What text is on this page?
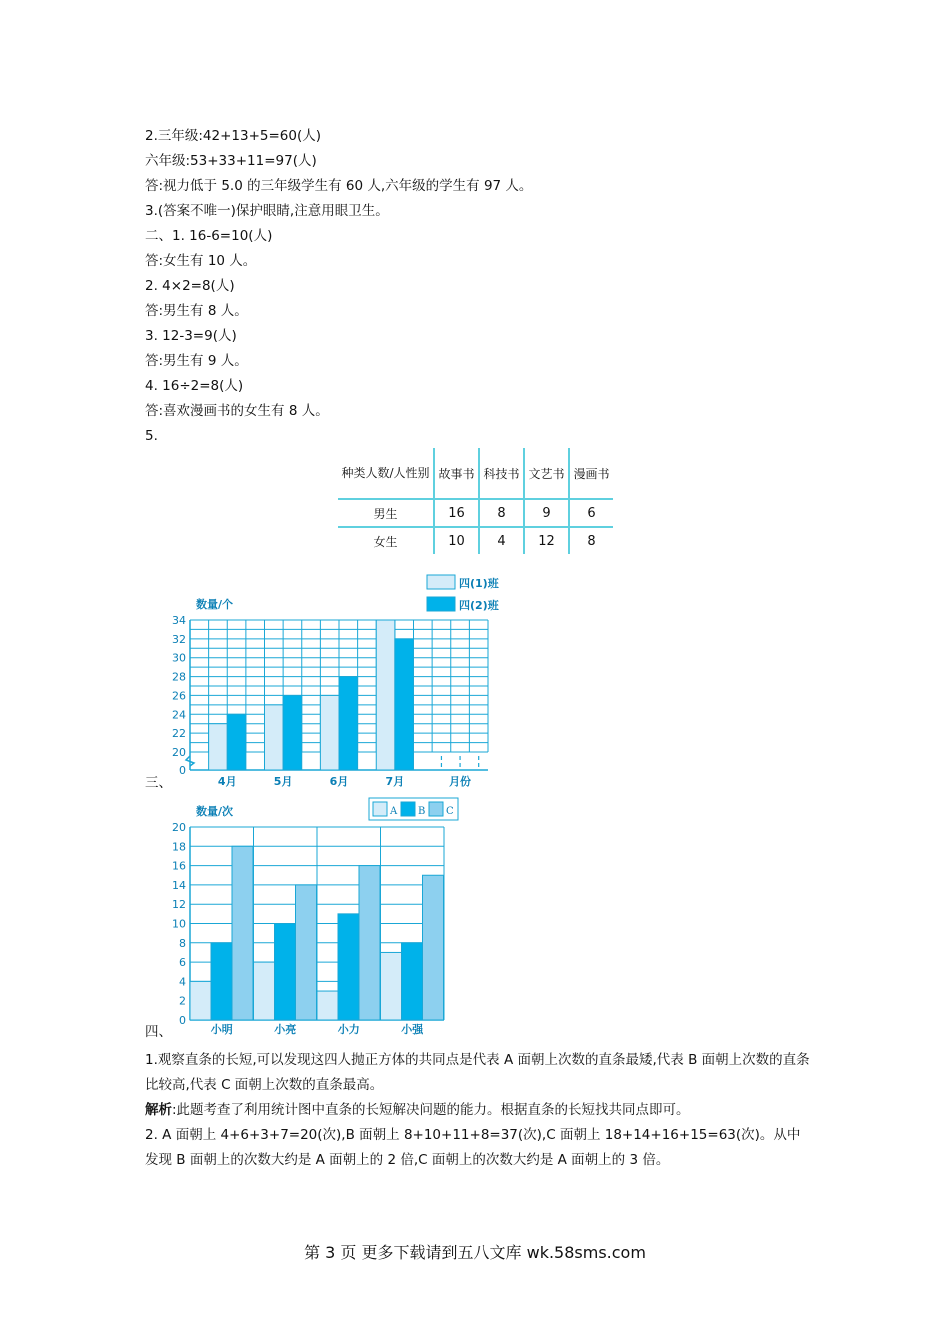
2.三年级:42+13+5=60(人)
六年级:53+33+11=97(人)
答:视力低于 5.0 的三年级学生有 60 人,六年级的学生有 97 人。
3.(答案不唯一)保护眼睛,注意用眼卫生。
二、1. 16-6=10(人)
答:女生有 10 人。
2. 4×2=8(人)
答:男生有 8 人。
3. 12-3=9(人)
答:男生有 9 人。
4. 16÷2=8(人)
答:喜欢漫画书的女生有 8 人。
5.
种类人数/人性别	故事书	科技书	文艺书	漫画书
男生	16	8	9	6
女生	10	4	12	8
三、
四、
0
20
22
24
26
28
30
32
34
数量/个
4月	5月	6月	7月	月份
四(1)班
四(2)班
0
2
4
6
8
10
12
14
16
18
20
数量/次
小明	小亮	小力	小强
A B C
1.观察直条的长短,可以发现这四人抛正方体的共同点是代表 A 面朝上次数的直条最矮,代表 B 面朝上次数的直条比较高,代表 C 面朝上次数的直条最高。
解析:此题考查了利用统计图中直条的长短解决问题的能力。根据直条的长短找共同点即可。
2. A 面朝上 4+6+3+7=20(次),B 面朝上 8+10+11+8=37(次),C 面朝上 18+14+16+15=63(次)。从中发现 B 面朝上的次数大约是 A 面朝上的 2 倍,C 面朝上的次数大约是 A 面朝上的 3 倍。
第 3 页 更多下载请到五八文库 wk.58sms.com
